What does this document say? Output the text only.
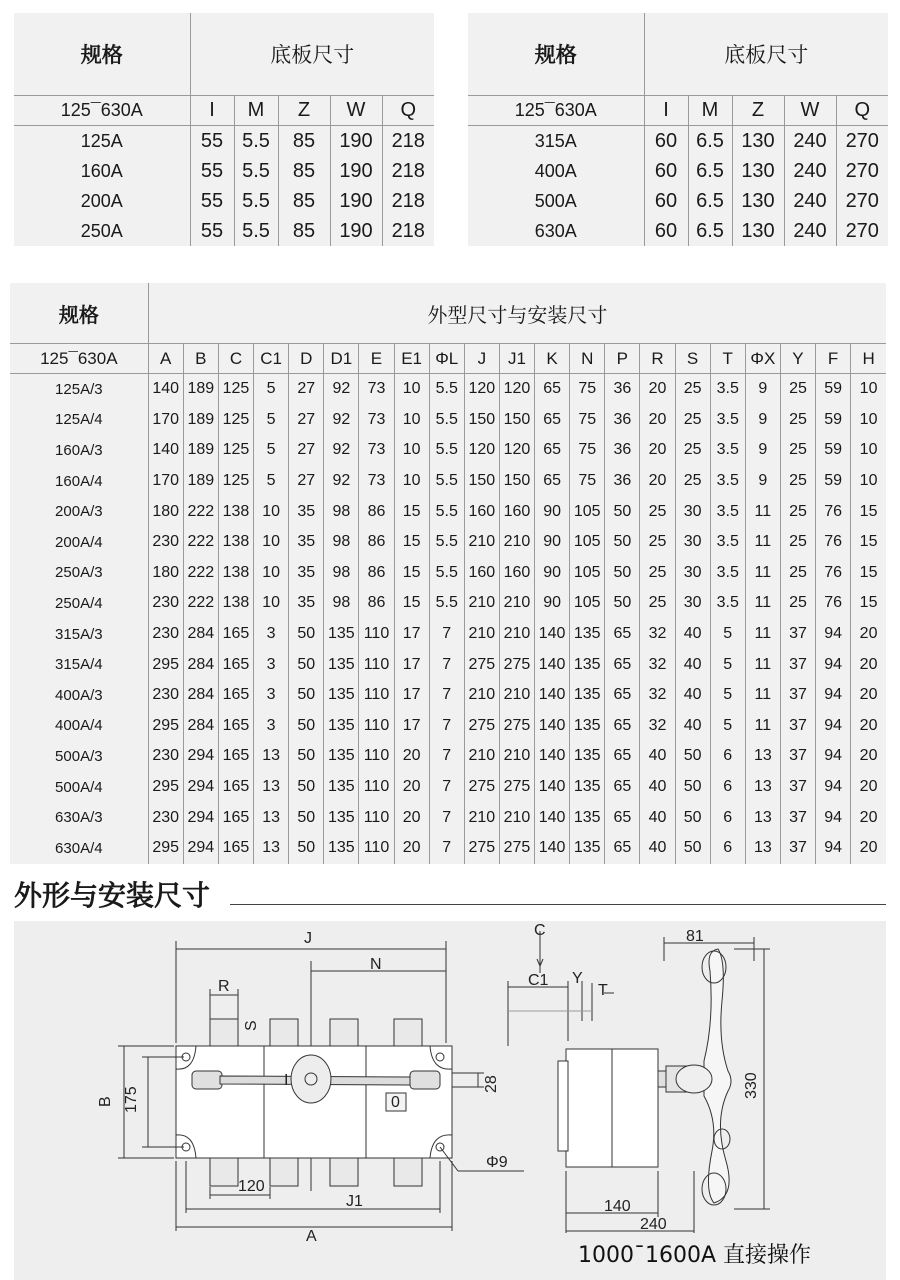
规格	底板尺寸				
125¯630A	I	M	Z	W	Q
125A	55	5.5	85	190	218
160A	55	5.5	85	190	218
200A	55	5.5	85	190	218
250A	55	5.5	85	190	218
规格	底板尺寸				
125¯630A	I	M	Z	W	Q
315A	60	6.5	130	240	270
400A	60	6.5	130	240	270
500A	60	6.5	130	240	270
630A	60	6.5	130	240	270
规格	外型尺寸与安装尺寸																				
125¯630A	A	B	C	C1	D	D1	E	E1	ΦL	J	J1	K	N	P	R	S	T	ΦX	Y	F	H
125A/3	140	189	125	5	27	92	73	10	5.5	120	120	65	75	36	20	25	3.5	9	25	59	10
125A/4	170	189	125	5	27	92	73	10	5.5	150	150	65	75	36	20	25	3.5	9	25	59	10
160A/3	140	189	125	5	27	92	73	10	5.5	120	120	65	75	36	20	25	3.5	9	25	59	10
160A/4	170	189	125	5	27	92	73	10	5.5	150	150	65	75	36	20	25	3.5	9	25	59	10
200A/3	180	222	138	10	35	98	86	15	5.5	160	160	90	105	50	25	30	3.5	11	25	76	15
200A/4	230	222	138	10	35	98	86	15	5.5	210	210	90	105	50	25	30	3.5	11	25	76	15
250A/3	180	222	138	10	35	98	86	15	5.5	160	160	90	105	50	25	30	3.5	11	25	76	15
250A/4	230	222	138	10	35	98	86	15	5.5	210	210	90	105	50	25	30	3.5	11	25	76	15
315A/3	230	284	165	3	50	135	110	17	7	210	210	140	135	65	32	40	5	11	37	94	20
315A/4	295	284	165	3	50	135	110	17	7	275	275	140	135	65	32	40	5	11	37	94	20
400A/3	230	284	165	3	50	135	110	17	7	210	210	140	135	65	32	40	5	11	37	94	20
400A/4	295	284	165	3	50	135	110	17	7	275	275	140	135	65	32	40	5	11	37	94	20
500A/3	230	294	165	13	50	135	110	20	7	210	210	140	135	65	40	50	6	13	37	94	20
500A/4	295	294	165	13	50	135	110	20	7	275	275	140	135	65	40	50	6	13	37	94	20
630A/3	230	294	165	13	50	135	110	20	7	210	210	140	135	65	40	50	6	13	37	94	20
630A/4	295	294	165	13	50	135	110	20	7	275	275	140	135	65	40	50	6	13	37	94	20
外形与安装尺寸
J
N
R
S
B 175
28
I
0
Φ9
120
J1
A
C
C1 Y
T
81
330
140
240

1000¯1600A 直接操作
